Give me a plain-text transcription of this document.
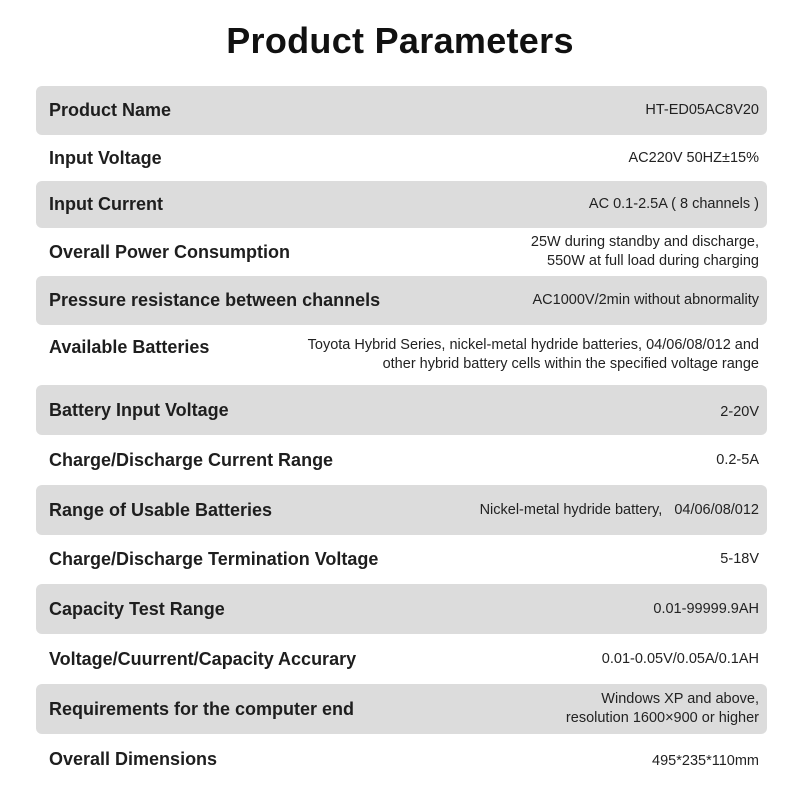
Product Parameters
Product Name	HT-ED05AC8V20
Input Voltage	AC220V 50HZ±15%
Input Current	AC 0.1-2.5A ( 8 channels )
Overall Power Consumption	25W during standby and discharge,
550W at full load during charging
Pressure resistance between channels	AC1000V/2min without abnormality
Available Batteries	Toyota Hybrid Series, nickel-metal hydride batteries, 04/06/08/012 and
other hybrid battery cells within the specified voltage range
Battery Input Voltage	2-20V
Charge/Discharge Current Range	0.2-5A
Range of Usable Batteries	Nickel-metal hydride battery,   04/06/08/012
Charge/Discharge Termination Voltage	5-18V
Capacity Test Range	0.01-99999.9AH
Voltage/Cuurrent/Capacity Accurary	0.01-0.05V/0.05A/0.1AH
Requirements for the computer end	Windows XP and above,
resolution 1600×900 or higher
Overall Dimensions	495*235*110mm
